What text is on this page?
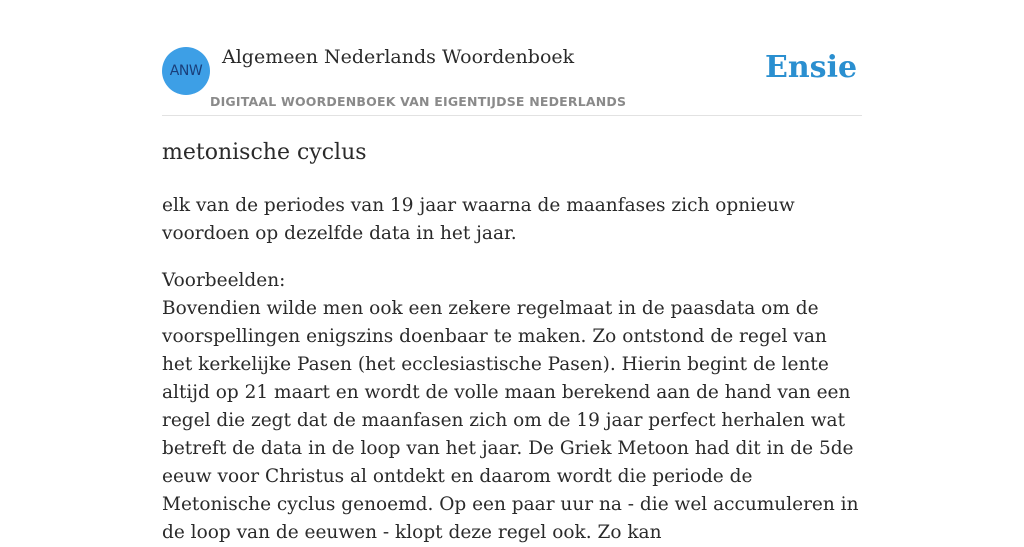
ANW
Algemeen Nederlands Woordenboek
DIGITAAL WOORDENBOEK VAN EIGENTIJDSE NEDERLANDS
Ensie
metonische cyclus

elk van de periodes van 19 jaar waarna de maanfases zich opnieuw voordoen op dezelfde data in het jaar.

Voorbeelden:

Bovendien wilde men ook een zekere regelmaat in de paasdata om de voorspellingen enigszins doenbaar te maken. Zo ontstond de regel van het kerkelijke Pasen (het ecclesiastische Pasen). Hierin begint de lente altijd op 21 maart en wordt de volle maan berekend aan de hand van een regel die zegt dat de maanfasen zich om de 19 jaar perfect herhalen wat betreft de data in de loop van het jaar. De Griek Metoon had dit in de 5de eeuw voor Christus al ontdekt en daarom wordt die periode de Metonische cyclus genoemd. Op een paar uur na - die wel accumuleren in de loop van de eeuwen - klopt deze regel ook. Zo kan
